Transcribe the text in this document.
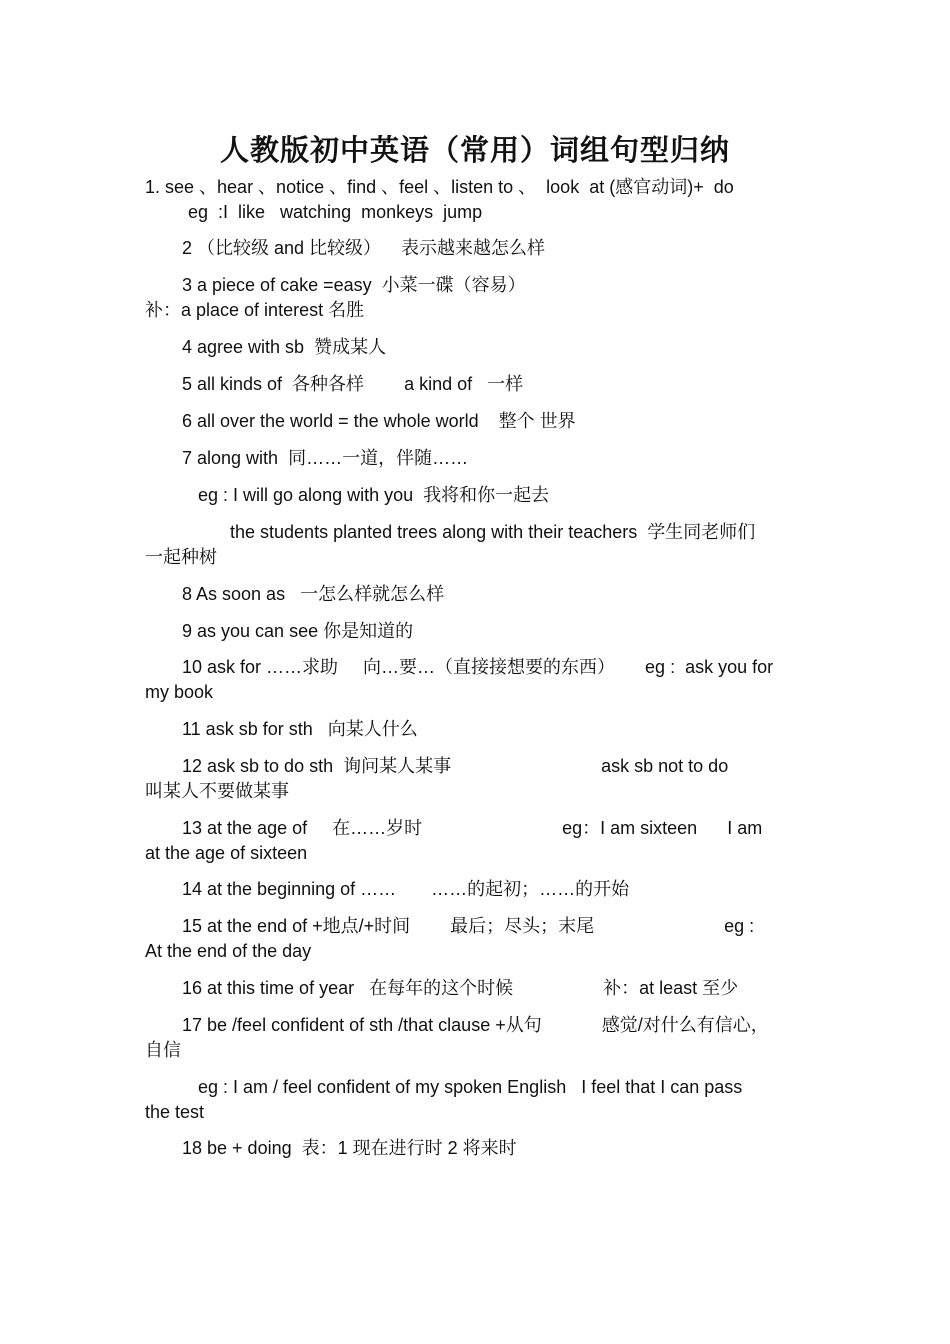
人教版初中英语（常用）词组句型归纳
1. see 、hear 、notice 、find 、feel 、listen to 、  look  at (感官动词)+  do
eg  :I  like   watching  monkeys  jump
2 （比较级 and 比较级）    表示越来越怎么样
3 a piece of cake =easy  小菜一碟（容易）
补：a place of interest 名胜
4 agree with sb  赞成某人
5 all kinds of  各种各样        a kind of   一样
6 all over the world = the whole world    整个 世界
7 along with  同……一道，伴随……
eg : I will go along with you  我将和你一起去
the students planted trees along with their teachers  学生同老师们
一起种树
8 As soon as   一怎么样就怎么样
9 as you can see 你是知道的
10 ask for ……求助     向…要…（直接接想要的东西）      eg :  ask you for
my book
11 ask sb for sth   向某人什么
12 ask sb to do sth  询问某人某事                              ask sb not to do
叫某人不要做某事
13 at the age of     在……岁时                            eg：I am sixteen      I am
at the age of sixteen
14 at the beginning of ……       ……的起初；……的开始
15 at the end of +地点/+时间        最后；尽头；末尾                          eg :
At the end of the day
16 at this time of year   在每年的这个时候                  补：at least 至少
17 be /feel confident of sth /that clause +从句            感觉/对什么有信心，
自信
eg : I am / feel confident of my spoken English   I feel that I can pass
the test
18 be + doing  表：1 现在进行时 2 将来时
